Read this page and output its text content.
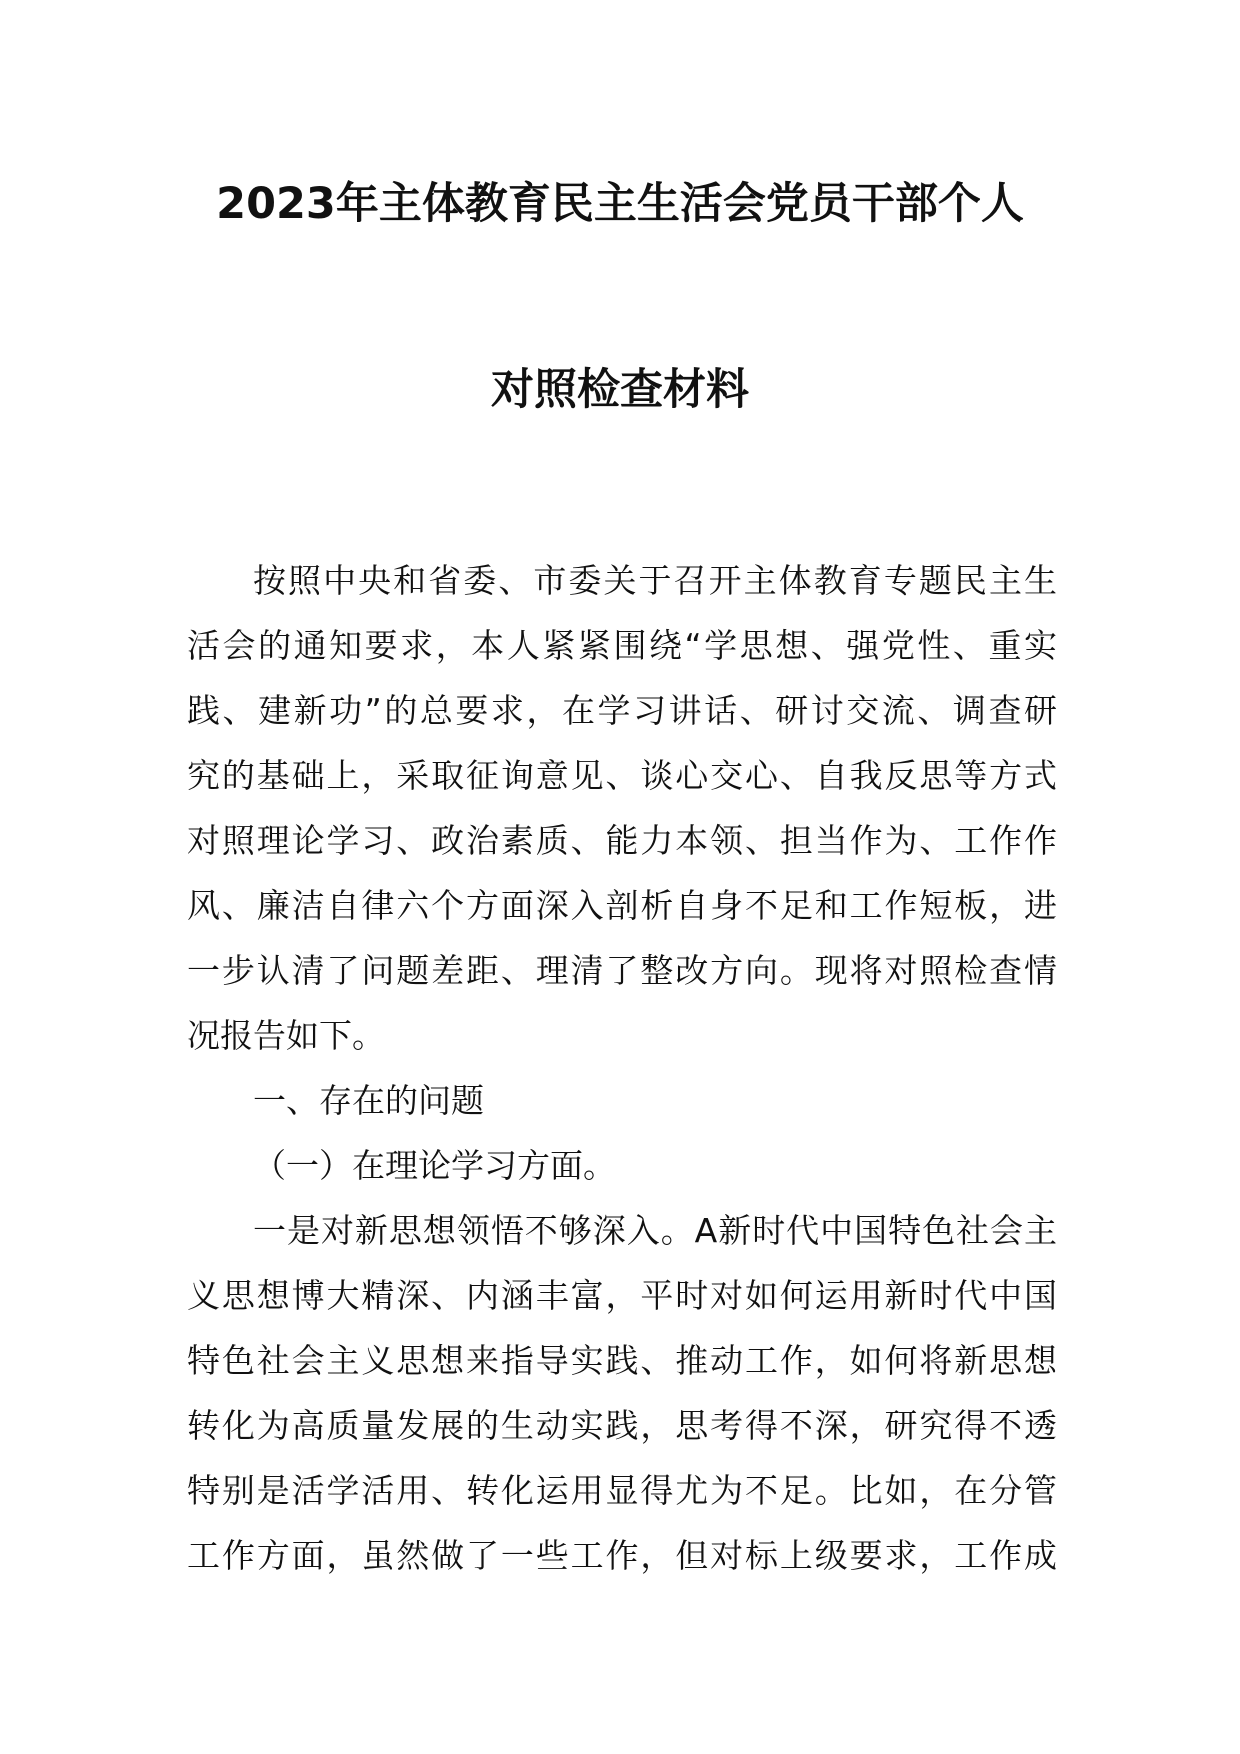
2023年主体教育民主生活会党员干部个人
对照检查材料
按照中央和省委、市委关于召开主体教育专题民主生
活会的通知要求，本人紧紧围绕“学思想、强党性、重实
践、建新功”的总要求，在学习讲话、研讨交流、调查研
究的基础上，采取征询意见、谈心交心、自我反思等方式
对照理论学习、政治素质、能力本领、担当作为、工作作
风、廉洁自律六个方面深入剖析自身不足和工作短板，进
一步认清了问题差距、理清了整改方向。现将对照检查情
况报告如下。
一、存在的问题
（一）在理论学习方面。
一是对新思想领悟不够深入。A新时代中国特色社会主
义思想博大精深、内涵丰富，平时对如何运用新时代中国
特色社会主义思想来指导实践、推动工作，如何将新思想
转化为高质量发展的生动实践，思考得不深，研究得不透
特别是活学活用、转化运用显得尤为不足。比如，在分管
工作方面，虽然做了一些工作，但对标上级要求，工作成
